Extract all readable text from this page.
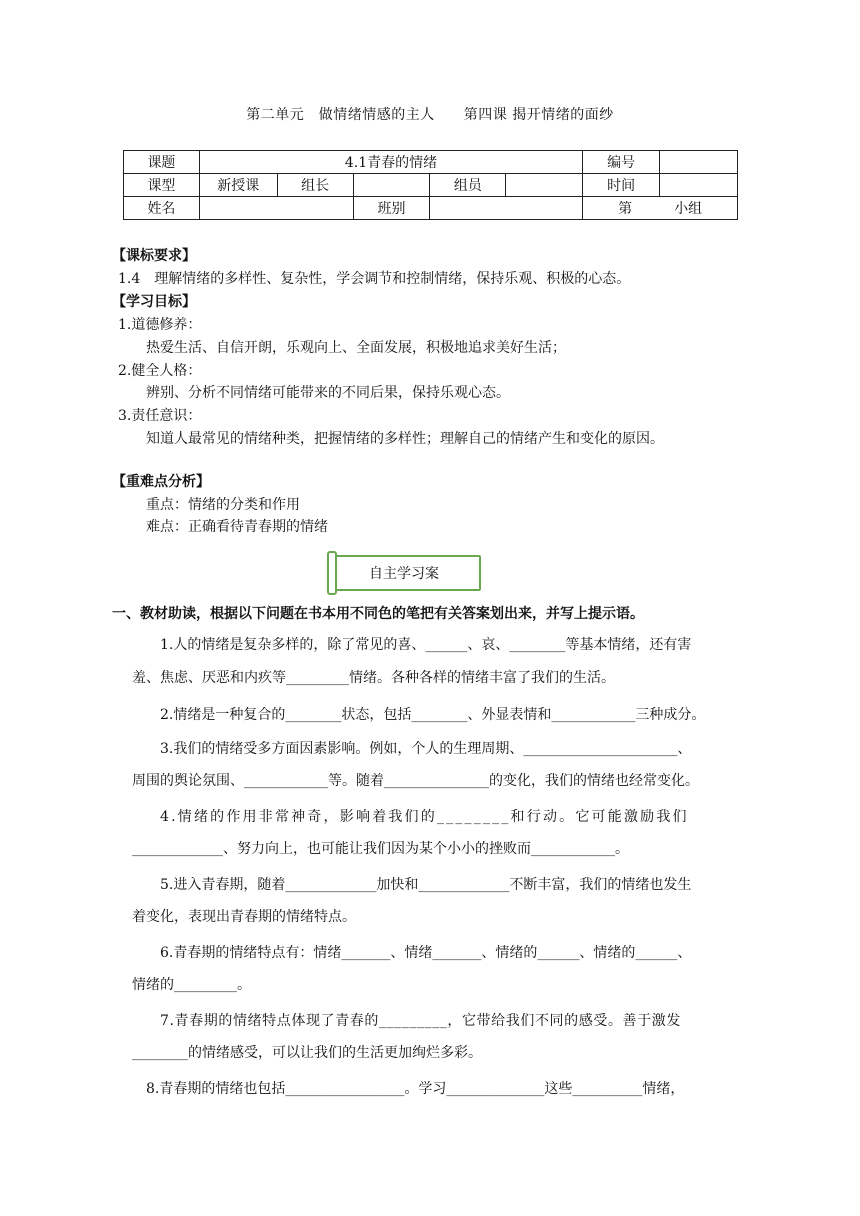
第二单元　做情绪情感的主人　　第四课 揭开情绪的面纱
课题	4.1青春的情绪					编号	
课型	新授课	组长		组员		时间	
姓名			班别			第　　　小组	
【课标要求】
1.4　理解情绪的多样性、复杂性，学会调节和控制情绪，保持乐观、积极的心态。
【学习目标】
1.道德修养：
热爱生活、自信开朗，乐观向上、全面发展，积极地追求美好生活；
2.健全人格：
辨别、分析不同情绪可能带来的不同后果，保持乐观心态。
3.责任意识：
知道人最常见的情绪种类，把握情绪的多样性；理解自己的情绪产生和变化的原因。
【重难点分析】
重点：情绪的分类和作用
难点：正确看待青春期的情绪
自主学习案
一、教材助读，根据以下问题在书本用不同色的笔把有关答案划出来，并写上提示语。
1.人的情绪是复杂多样的，除了常见的喜、______、哀、________等基本情绪，还有害
羞、焦虑、厌恶和内疚等_________情绪。各种各样的情绪丰富了我们的生活。
2.情绪是一种复合的________状态，包括________、外显表情和____________三种成分。
3.我们的情绪受多方面因素影响。例如，个人的生理周期、______________________、
周围的舆论氛围、____________等。随着_______________的变化，我们的情绪也经常变化。
4.情绪的作用非常神奇，影响着我们的________和行动。它可能激励我们
_____________、努力向上，也可能让我们因为某个小小的挫败而____________。
5.进入青春期，随着_____________加快和_____________不断丰富，我们的情绪也发生
着变化，表现出青春期的情绪特点。
6.青春期的情绪特点有：情绪_______、情绪_______、情绪的______、情绪的______、
情绪的_________。
7.青春期的情绪特点体现了青春的_________，它带给我们不同的感受。善于激发
________的情绪感受，可以让我们的生活更加绚烂多彩。
8.青春期的情绪也包括_________________。学习______________这些__________情绪，
